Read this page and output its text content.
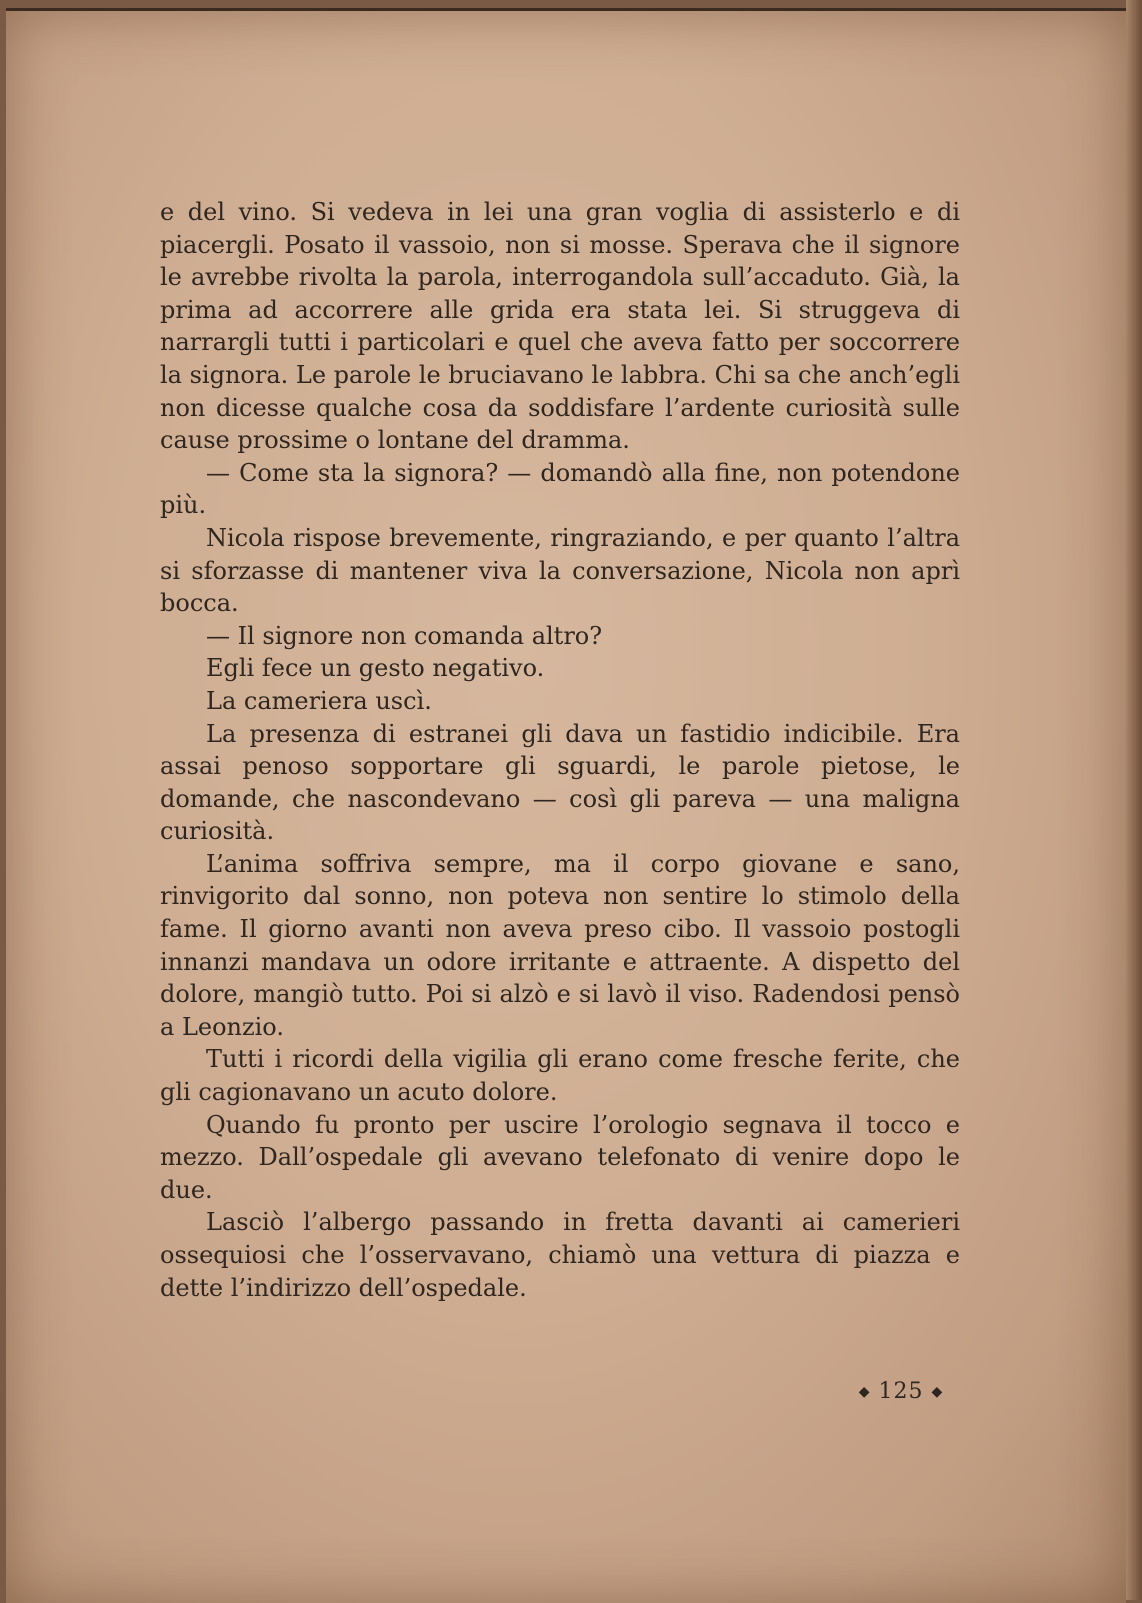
e del vino. Si vedeva in lei una gran voglia di assisterlo e di piacergli. Posato il vassoio, non si mosse. Sperava che il signore le avrebbe rivolta la parola, interrogandola sull’accaduto. Già, la prima ad accorrere alle grida era stata lei. Si struggeva di narrargli tutti i particolari e quel che aveva fatto per soccorrere la signora. Le parole le bruciavano le labbra. Chi sa che anch’egli non dicesse qualche cosa da soddisfare l’ardente curiosità sulle cause prossime o lontane del dramma.

— Come sta la signora? — domandò alla fine, non potendone più.

Nicola rispose brevemente, ringraziando, e per quanto l’altra si sforzasse di mantener viva la conversazione, Nicola non aprì bocca.

— Il signore non comanda altro?

Egli fece un gesto negativo.

La cameriera uscì.

La presenza di estranei gli dava un fastidio indicibile. Era assai penoso sopportare gli sguardi, le parole pietose, le domande, che nascondevano — così gli pareva — una maligna curiosità.

L’anima soffriva sempre, ma il corpo giovane e sano, rinvigorito dal sonno, non poteva non sentire lo stimolo della fame. Il giorno avanti non aveva preso cibo. Il vassoio postogli innanzi mandava un odore irritante e attraente. A dispetto del dolore, mangiò tutto. Poi si alzò e si lavò il viso. Radendosi pensò a Leonzio.

Tutti i ricordi della vigilia gli erano come fresche ferite, che gli cagionavano un acuto dolore.

Quando fu pronto per uscire l’orologio segnava il tocco e mezzo. Dall’ospedale gli avevano telefonato di venire dopo le due.

Lasciò l’albergo passando in fretta davanti ai camerieri ossequiosi che l’osservavano, chiamò una vettura di piazza e dette l’indirizzo dell’ospedale.

◆ 125 ◆
